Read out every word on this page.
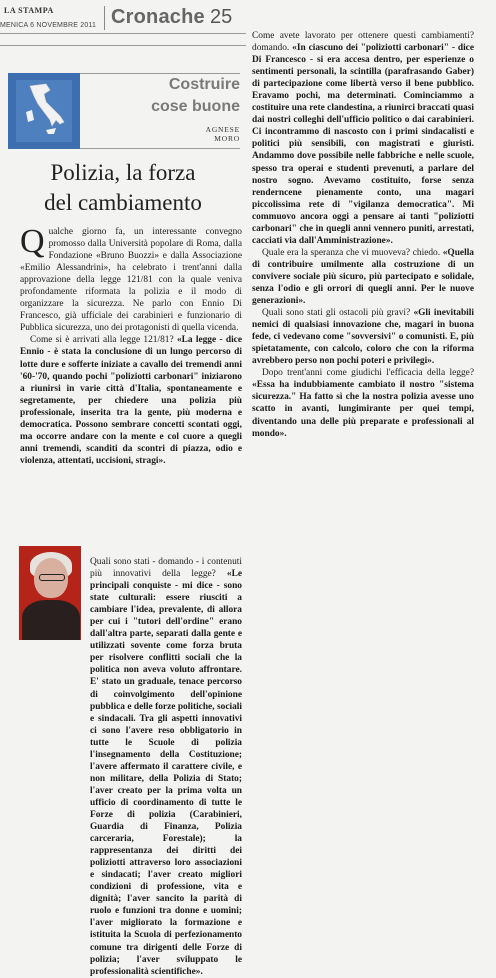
LA STAMPA
MENICA 6 NOVEMBRE 2011 Cronache 25
Costruire
cose buone
AGNESE
MORO
Polizia, la forza
del cambiamento

Qualche giorno fa, un interessante convegno promosso dalla Università popolare di Roma, dalla Fondazione «Bruno Buozzi» e dalla Associazione «Emilio Alessandrini», ha celebrato i trent'anni dalla approvazione della legge 121/81 con la quale veniva profondamente riformata la polizia e il modo di organizzare la sicurezza. Ne parlo con Ennio Di Francesco, già ufficiale dei carabinieri e funzionario di Pubblica sicurezza, uno dei protagonisti di quella vicenda.

Come si è arrivati alla legge 121/81? «La legge - dice Ennio - è stata la conclusione di un lungo percorso di lotte dure e sofferte iniziate a cavallo dei tremendi anni '60-'70, quando pochi "poliziotti carbonari" iniziarono a riunirsi in varie città d'Italia, spontaneamente e segretamente, per chiedere una polizia più professionale, inserita tra la gente, più moderna e democratica. Possono sembrare concetti scontati oggi, ma occorre andare con la mente e col cuore a quegli anni tremendi, scanditi da scontri di piazza, odio e violenza, attentati, uccisioni, stragi».

Quali sono stati - domando - i contenuti più innovativi della legge? «Le principali conquiste - mi dice - sono state culturali: essere riusciti a cambiare l'idea, prevalente, di allora per cui i "tutori dell'ordine" erano dall'altra parte, separati dalla gente e utilizzati sovente come forza bruta per risolvere conflitti sociali che la politica non aveva voluto affrontare. E' stato un graduale, tenace percorso di coinvolgimento dell'opinione pubblica e delle forze politiche, sociali e sindacali. Tra gli aspetti innovativi ci sono l'avere reso obbligatorio in tutte le Scuole di polizia l'insegnamento della Costituzione; l'avere affermato il carattere civile, e non militare, della Polizia di Stato; l'aver creato per la prima volta un ufficio di coordinamento di tutte le Forze di polizia (Carabinieri, Guardia di Finanza, Polizia carceraria, Forestale); la rappresentanza dei diritti dei poliziotti attraverso loro associazioni e sindacati; l'aver creato migliori condizioni di professione, vita e dignità; l'aver sancito la parità di ruolo e funzioni tra donne e uomini; l'aver migliorato la formazione e istituita la Scuola di perfezionamento comune tra dirigenti delle Forze di polizia; l'aver sviluppato le professionalità scientifiche».

Come avete lavorato per ottenere questi cambiamenti? domando. «In ciascuno dei "poliziotti carbonari" - dice Di Francesco - si era accesa dentro, per esperienze o sentimenti personali, la scintilla (parafrasando Gaber) di partecipazione come libertà verso il bene pubblico. Eravamo pochi, ma determinati. Cominciammo a costituire una rete clandestina, a riunirci braccati quasi dai nostri colleghi dell'ufficio politico o dai carabinieri. Ci incontrammo di nascosto con i primi sindacalisti e politici più sensibili, con magistrati e giuristi. Andammo dove possibile nelle fabbriche e nelle scuole, spesso tra operai e studenti prevenuti, a parlare del nostro sogno. Avevamo costituito, forse senza renderncene pienamente conto, una magari piccolissima rete di "vigilanza democratica". Mi commuovo ancora oggi a pensare ai tanti "poliziotti carbonari" che in quegli anni vennero puniti, arrestati, cacciati via dall'Amministrazione».

Quale era la speranza che vi muoveva? chiedo. «Quella di contribuire umilmente alla costruzione di un convivere sociale più sicuro, più partecipato e solidale, senza l'odio e gli orrori di quegli anni. Per le nuove generazioni».

Quali sono stati gli ostacoli più gravi? «Gli inevitabili nemici di qualsiasi innovazione che, magari in buona fede, ci vedevano come "sovversivi" o comunisti. E, più spietatamente, con calcolo, coloro che con la riforma avrebbero perso non pochi poteri e privilegi».

Dopo trent'anni come giudichi l'efficacia della legge? «Essa ha indubbiamente cambiato il nostro "sistema sicurezza." Ha fatto sì che la nostra polizia avesse uno scatto in avanti, lungimirante per quei tempi, diventando una delle più preparate e professionali al mondo».
